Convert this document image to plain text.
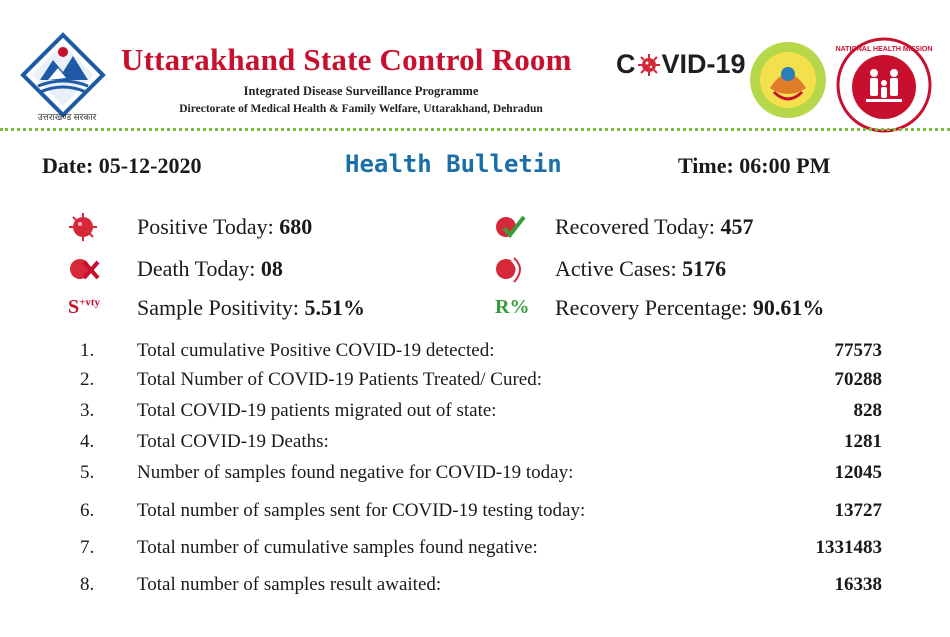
उत्तराखण्ड सरकार
Uttarakhand State Control Room
Integrated Disease Surveillance Programme
Directorate of Medical Health & Family Welfare, Uttarakhand, Dehradun
C VID-19	NATIONAL HEALTH MISSION
Date: 05-12-2020	Health Bulletin	Time: 06:00 PM
Positive Today: 680	Recovered Today: 457
Death Today: 08	Active Cases: 5176
$S^{+vty}$ Sample Positivity: 5.51%	R% Recovery Percentage: 90.61%
1. Total cumulative Positive COVID-19 detected:	77573
2. Total Number of COVID-19 Patients Treated/ Cured:	70288
3. Total COVID-19 patients migrated out of state:	828
4. Total COVID-19 Deaths:	1281
5. Number of samples found negative for COVID-19 today:	12045
6. Total number of samples sent for COVID-19 testing today:	13727
7. Total number of cumulative samples found negative:	1331483
8. Total number of samples result awaited:	16338
